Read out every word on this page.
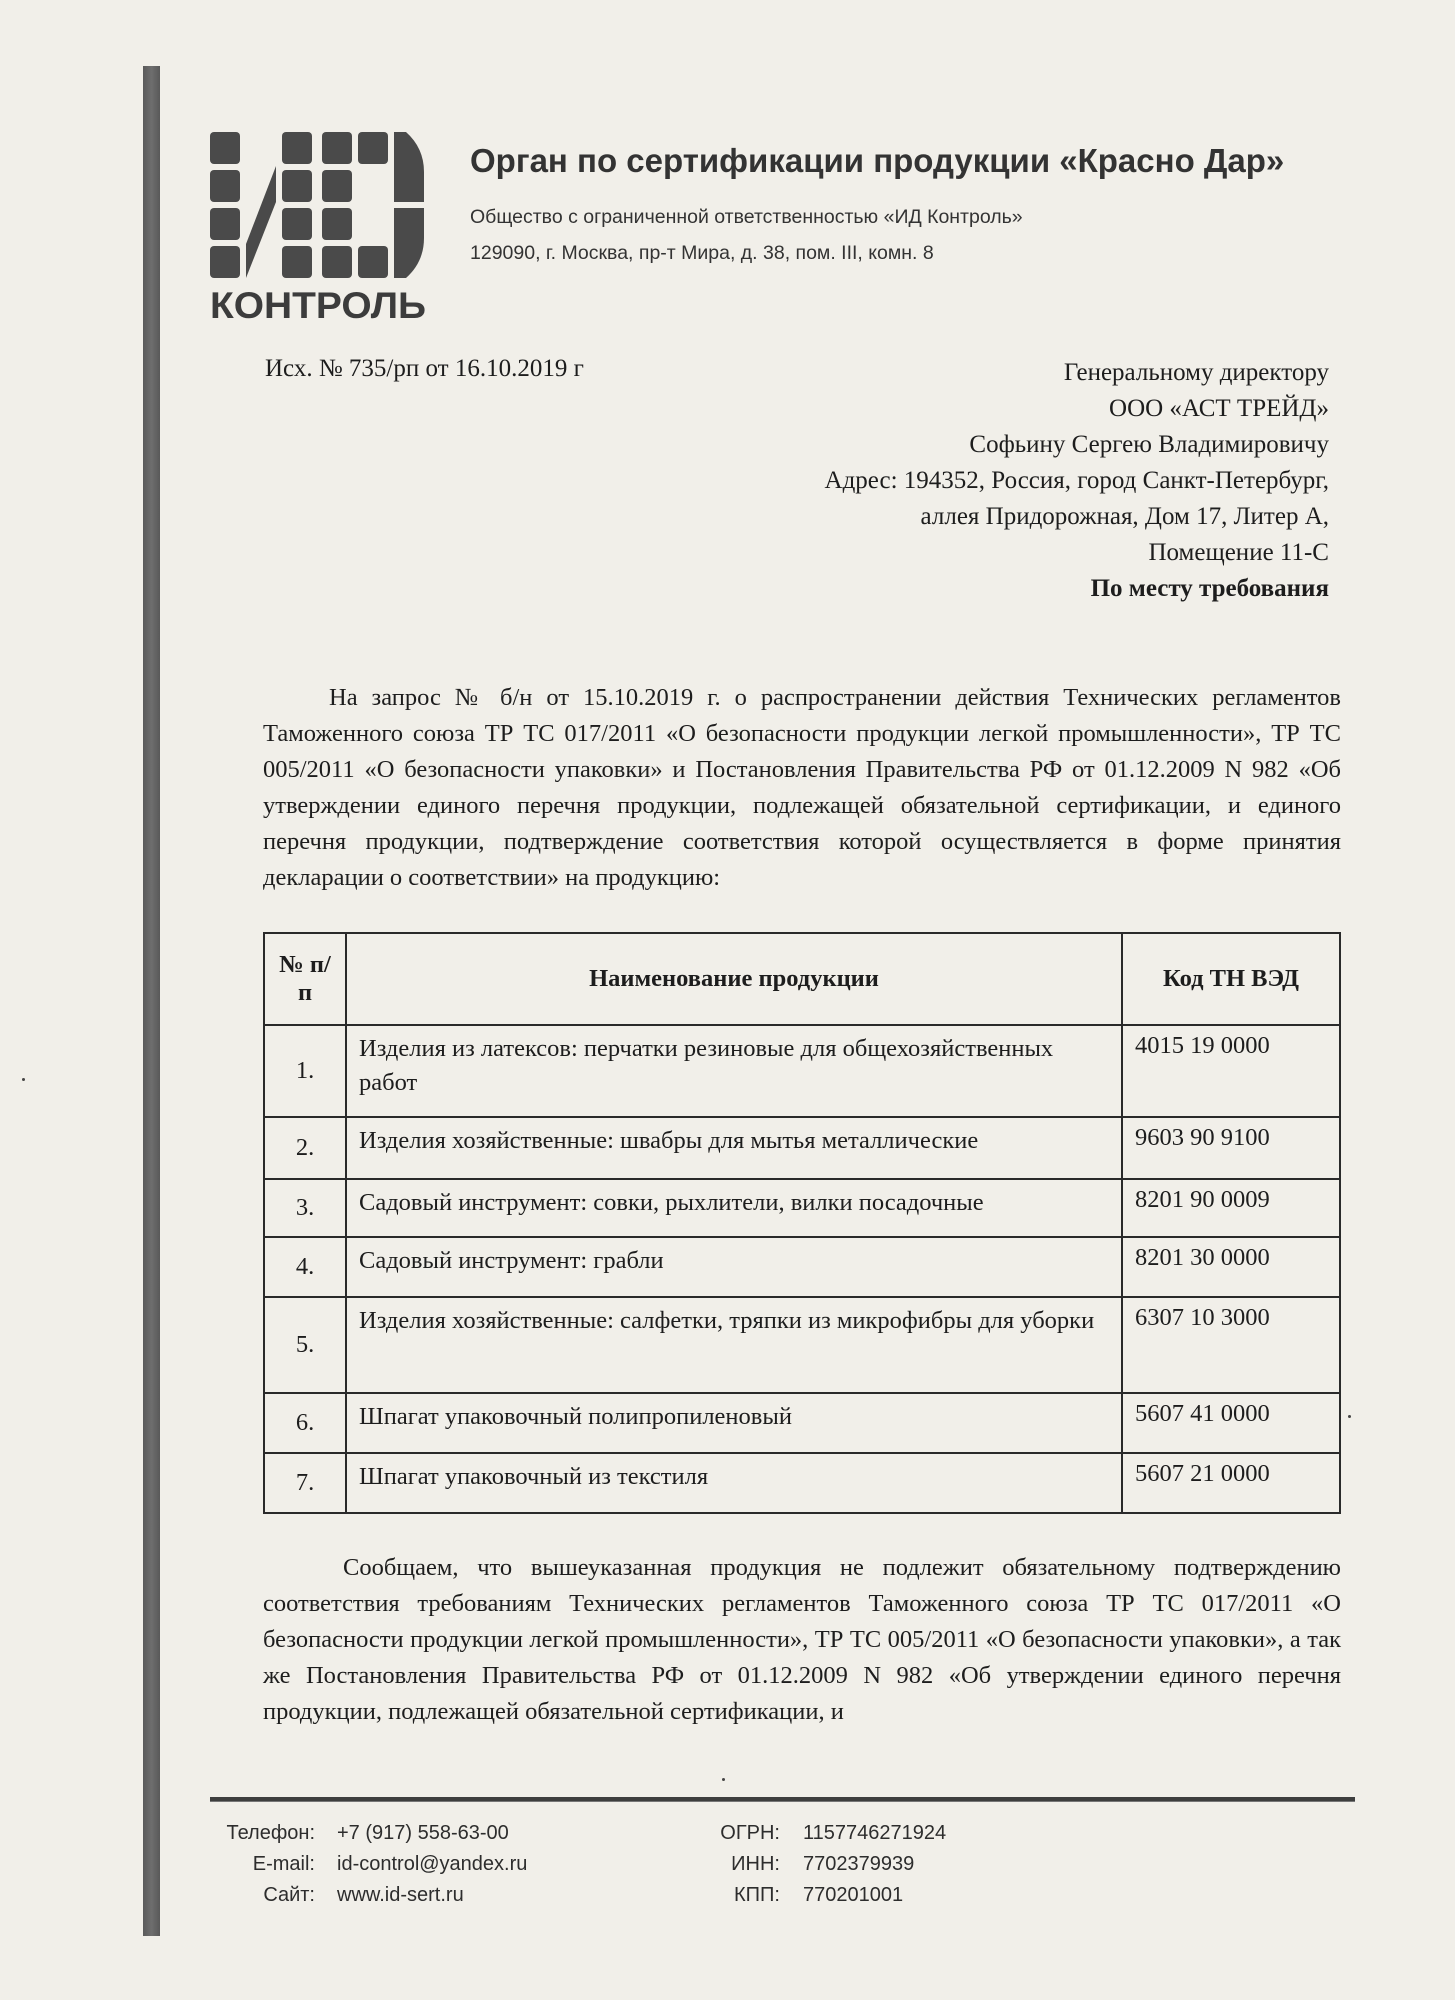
КОНТРОЛЬ
Орган по сертификации продукции «Красно Дар»
Общество с ограниченной ответственностью «ИД Контроль»
129090, г. Москва, пр-т Мира, д. 38, пом. III, комн. 8
Исх. № 735/рп от 16.10.2019 г	Генеральному директору
ООО «АСТ ТРЕЙД»
Софьину Сергею Владимировичу
Адрес: 194352, Россия, город Санкт-Петербург,
аллея Придорожная, Дом 17, Литер А,
Помещение 11-С
По месту требования
На запрос № б/н от 15.10.2019 г. о распространении действия Технических регламентов Таможенного союза ТР ТС 017/2011 «О безопасности продукции легкой промышленности», ТР ТС 005/2011 «О безопасности упаковки» и Постановления Правительства РФ от 01.12.2009 N 982 «Об утверждении единого перечня продукции, подлежащей обязательной сертификации, и единого перечня продукции, подтверждение соответствия которой осуществляется в форме принятия декларации о соответствии» на продукцию:
№ п/п	Наименование продукции	Код ТН ВЭД
1.	Изделия из латексов: перчатки резиновые для общехозяйственных работ	4015 19 0000
2.	Изделия хозяйственные: швабры для мытья металлические	9603 90 9100
3.	Садовый инструмент: совки, рыхлители, вилки посадочные	8201 90 0009
4.	Садовый инструмент: грабли	8201 30 0000
5.	Изделия хозяйственные: салфетки, тряпки из микрофибры для уборки	6307 10 3000
6.	Шпагат упаковочный полипропиленовый	5607 41 0000
7.	Шпагат упаковочный из текстиля	5607 21 0000
Сообщаем, что вышеуказанная продукция не подлежит обязательному подтверждению соответствия требованиям Технических регламентов Таможенного союза ТР ТС 017/2011 «О безопасности продукции легкой промышленности», ТР ТС 005/2011 «О безопасности упаковки», а так же Постановления Правительства РФ от 01.12.2009 N 982 «Об утверждении единого перечня продукции, подлежащей обязательной сертификации, и
Телефон: +7 (917) 558-63-00
E-mail: id-control@yandex.ru
Сайт: www.id-sert.ru
ОГРН: 1157746271924
ИНН: 7702379939
КПП: 770201001
